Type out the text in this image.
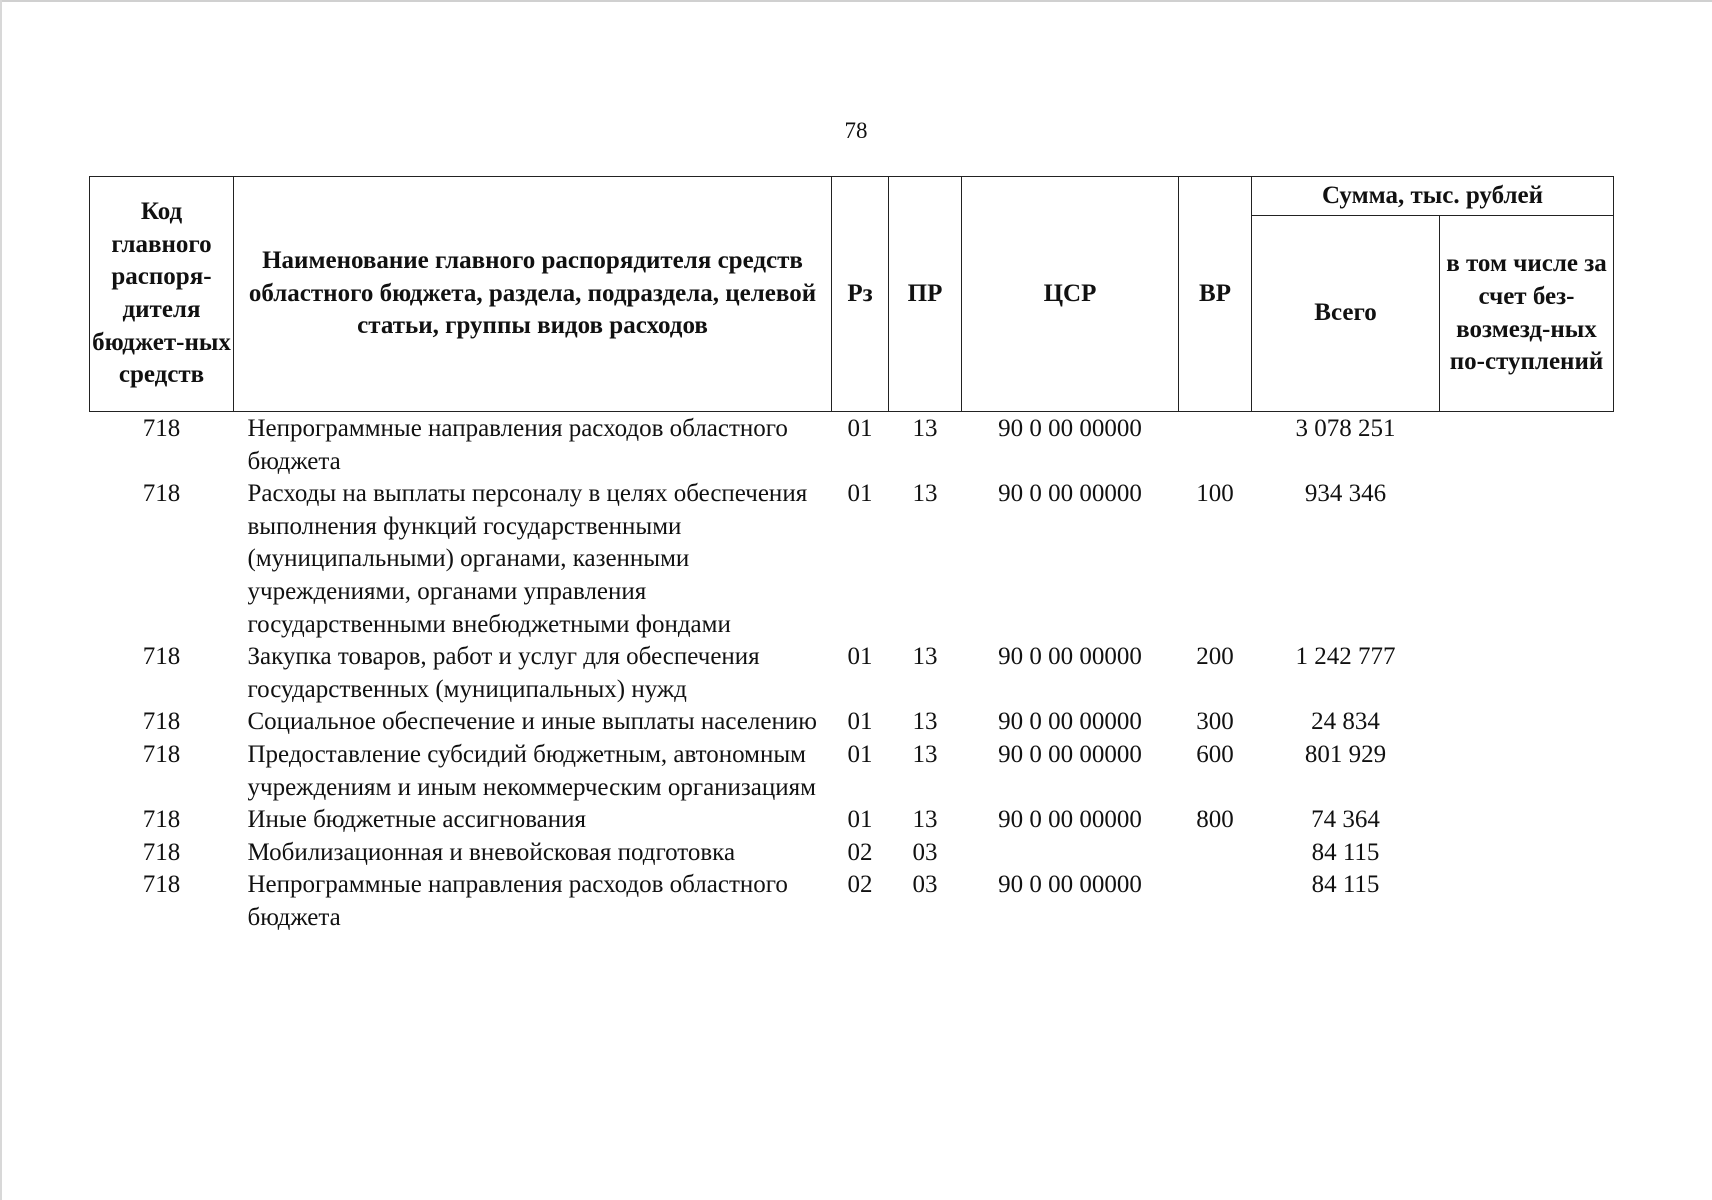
78
Код главного распоря-дителя бюджет-ных средств	Наименование главного распорядителя средств областного бюджета, раздела, подраздела, целевой статьи, группы видов расходов	Рз	ПР	ЦСР	ВР	Сумма, тыс. рублей	
						Всего	в том числе за счет без-возмезд-ных по-ступлений
718	Непрограммные направления расходов областного бюджета	01	13	90 0 00 00000		3 078 251	
718	Расходы на выплаты персоналу в целях обеспечения выполнения функций государственными (муниципальными) органами, казенными учреждениями, органами управления государственными внебюджетными фондами	01	13	90 0 00 00000	100	934 346	
718	Закупка товаров, работ и услуг для обеспечения государственных (муниципальных) нужд	01	13	90 0 00 00000	200	1 242 777	
718	Социальное обеспечение и иные выплаты населению	01	13	90 0 00 00000	300	24 834	
718	Предоставление субсидий бюджетным, автономным учреждениям и иным некоммерческим организациям	01	13	90 0 00 00000	600	801 929	
718	Иные бюджетные ассигнования	01	13	90 0 00 00000	800	74 364	
718	Мобилизационная и вневойсковая подготовка	02	03			84 115	
718	Непрограммные направления расходов областного бюджета	02	03	90 0 00 00000		84 115	
